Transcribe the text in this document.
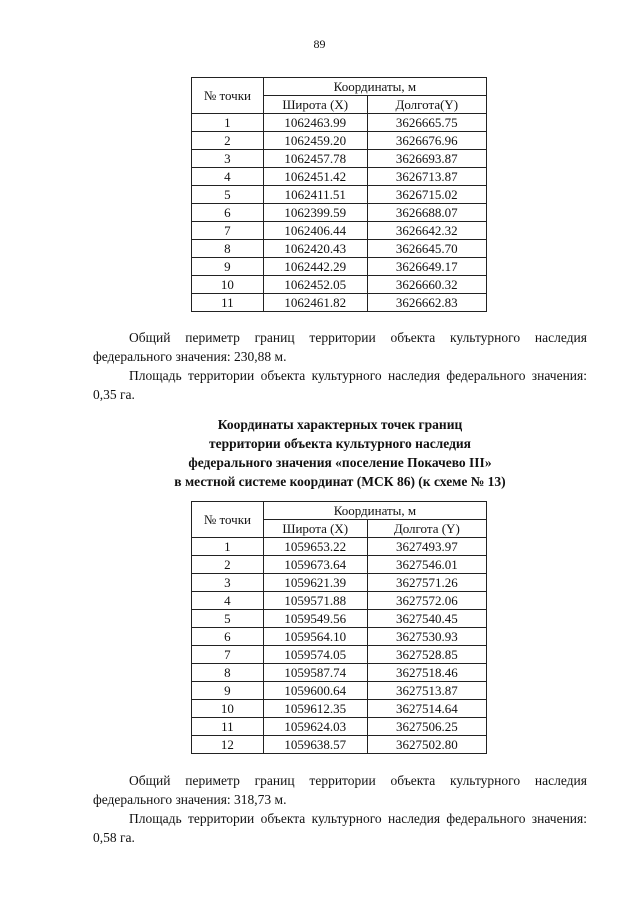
89
№ точки	Координаты, м	
	Широта (X)	Долгота(Y)
1	1062463.99	3626665.75
2	1062459.20	3626676.96
3	1062457.78	3626693.87
4	1062451.42	3626713.87
5	1062411.51	3626715.02
6	1062399.59	3626688.07
7	1062406.44	3626642.32
8	1062420.43	3626645.70
9	1062442.29	3626649.17
10	1062452.05	3626660.32
11	1062461.82	3626662.83
Общий периметр границ территории объекта культурного наследия федерального значения: 230,88 м.
Площадь территории объекта культурного наследия федерального значения: 0,35 га.
Координаты характерных точек границ
территории объекта культурного наследия
федерального значения «поселение Покачево III»
в местной системе координат (МСК 86) (к схеме № 13)
№ точки	Координаты, м	
	Широта (X)	Долгота (Y)
1	1059653.22	3627493.97
2	1059673.64	3627546.01
3	1059621.39	3627571.26
4	1059571.88	3627572.06
5	1059549.56	3627540.45
6	1059564.10	3627530.93
7	1059574.05	3627528.85
8	1059587.74	3627518.46
9	1059600.64	3627513.87
10	1059612.35	3627514.64
11	1059624.03	3627506.25
12	1059638.57	3627502.80
Общий периметр границ территории объекта культурного наследия федерального значения: 318,73 м.
Площадь территории объекта культурного наследия федерального значения: 0,58 га.
